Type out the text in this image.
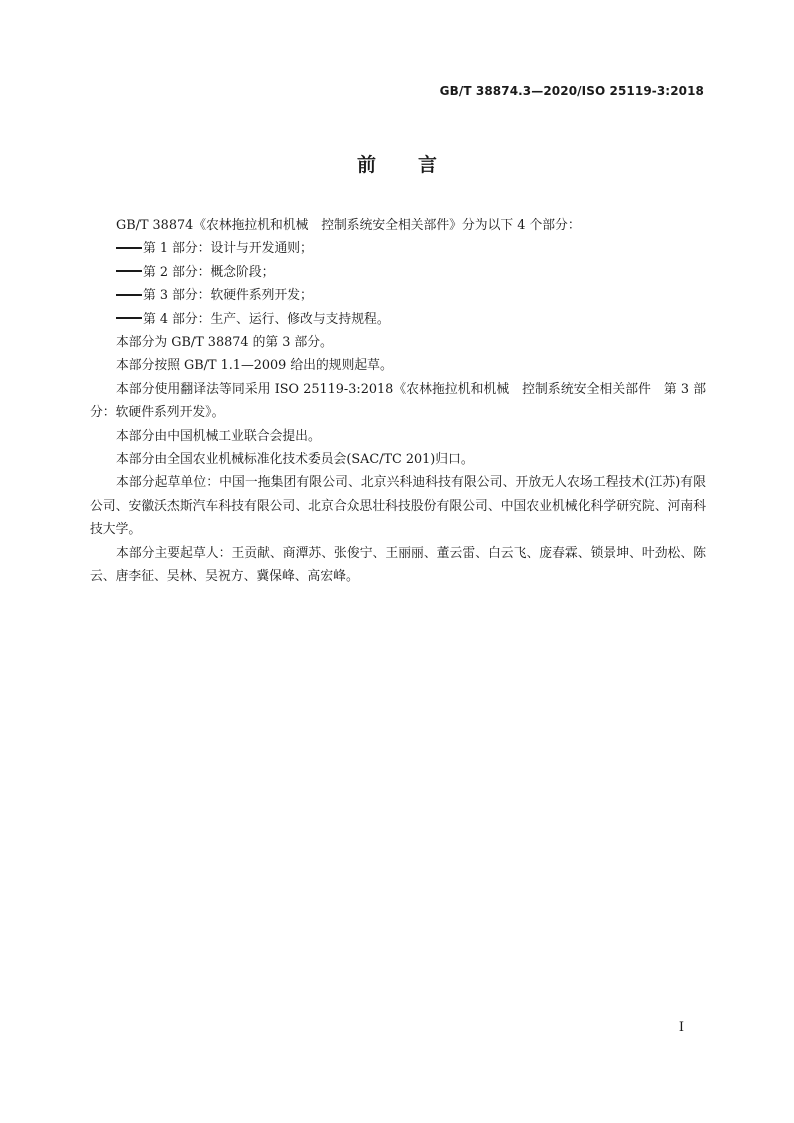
GB/T 38874.3—2020/ISO 25119-3:2018
前言

GB/T 38874《农林拖拉机和机械　控制系统安全相关部件》分为以下 4 个部分：

第 1 部分：设计与开发通则；

第 2 部分：概念阶段；

第 3 部分：软硬件系列开发；

第 4 部分：生产、运行、修改与支持规程。

本部分为 GB/T 38874 的第 3 部分。

本部分按照 GB/T 1.1—2009 给出的规则起草。

本部分使用翻译法等同采用 ISO 25119-3:2018《农林拖拉机和机械　控制系统安全相关部件　第 3 部分：软硬件系列开发》。

本部分由中国机械工业联合会提出。

本部分由全国农业机械标准化技术委员会(SAC/TC 201)归口。

本部分起草单位：中国一拖集团有限公司、北京兴科迪科技有限公司、开放无人农场工程技术(江苏)有限公司、安徽沃杰斯汽车科技有限公司、北京合众思壮科技股份有限公司、中国农业机械化科学研究院、河南科技大学。

本部分主要起草人：王贡献、商潭苏、张俊宁、王丽丽、董云雷、白云飞、庞春霖、锁景坤、叶劲松、陈云、唐李征、吴林、吴祝方、冀保峰、高宏峰。

I
